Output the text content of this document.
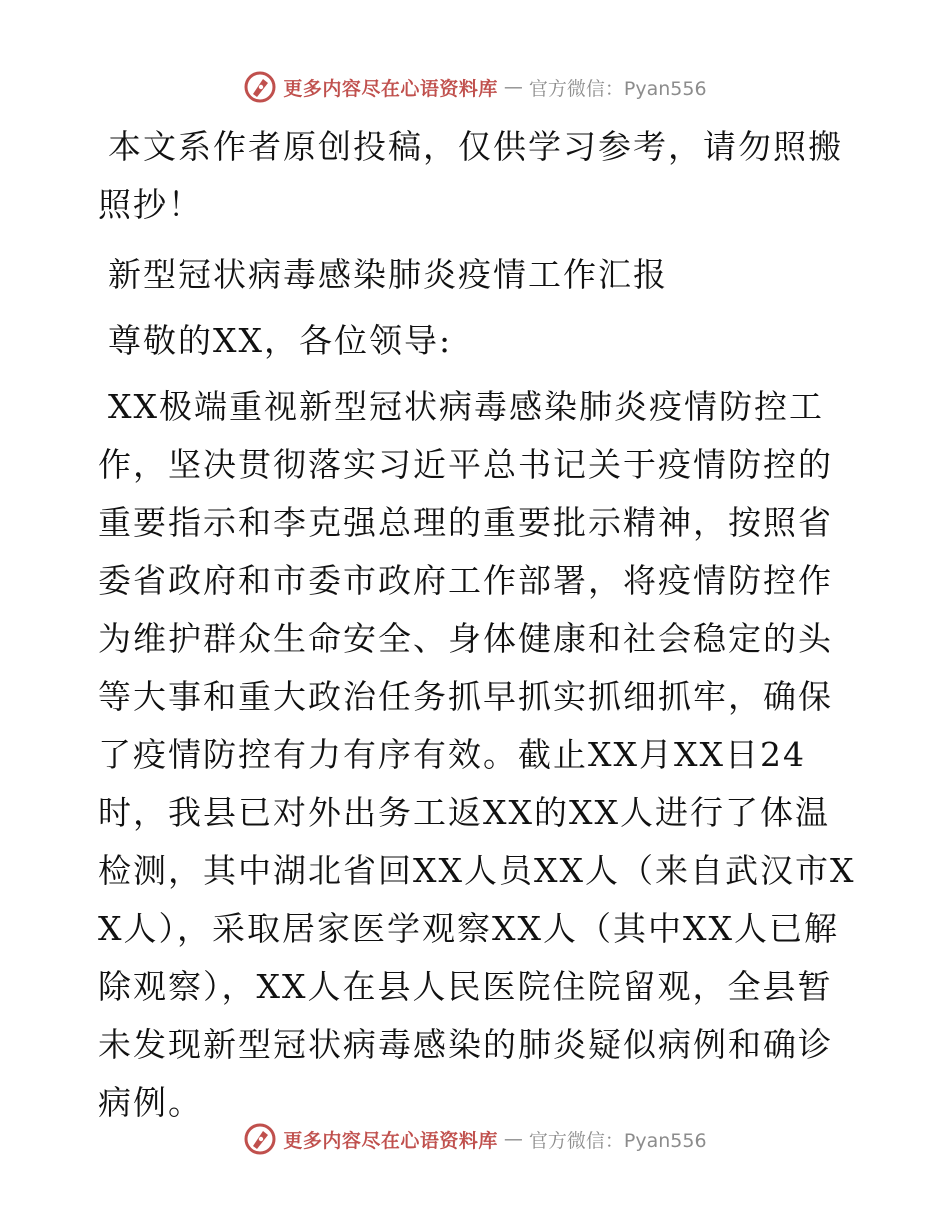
更多内容尽在心语资料库 — 官方微信：Pyan556

本文系作者原创投稿，仅供学习参考，请勿照搬照抄！

新型冠状病毒感染肺炎疫情工作汇报

尊敬的XX，各位领导:

XX极端重视新型冠状病毒感染肺炎疫情防控工作，坚决贯彻落实习近平总书记关于疫情防控的重要指示和李克强总理的重要批示精神，按照省委省政府和市委市政府工作部署，将疫情防控作为维护群众生命安全、身体健康和社会稳定的头等大事和重大政治任务抓早抓实抓细抓牢，确保了疫情防控有力有序有效。截止XX月XX日24时，我县已对外出务工返XX的XX人进行了体温检测，其中湖北省回XX人员XX人（来自武汉市XX人），采取居家医学观察XX人（其中XX人已解除观察），XX人在县人民医院住院留观，全县暂未发现新型冠状病毒感染的肺炎疑似病例和确诊病例。

更多内容尽在心语资料库 — 官方微信：Pyan556
